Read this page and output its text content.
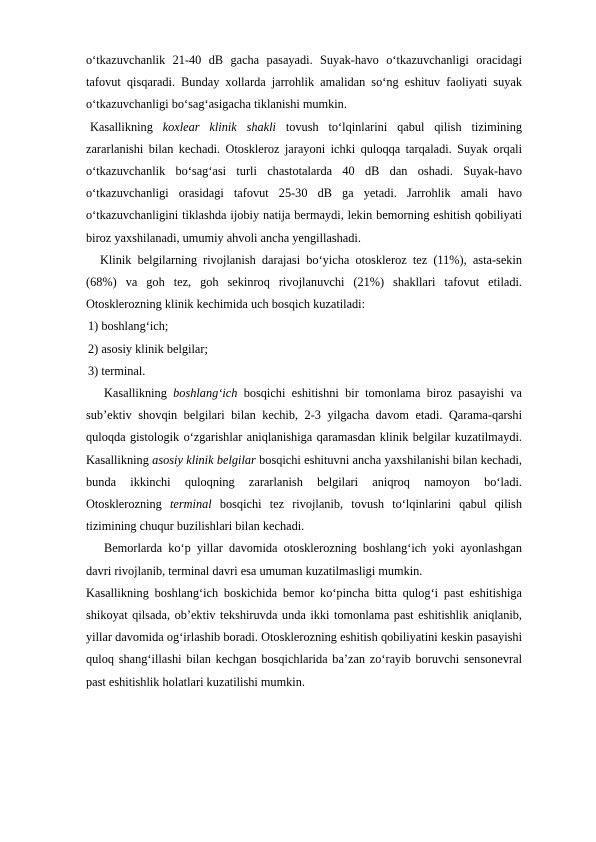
o‘tkazuvchanlik 21-40 dB gacha pasayadi. Suyak-havo o‘tkazuvchanligi oracidagi tafovut qisqaradi. Bunday xollarda jarrohlik amalidan so‘ng eshituv faoliyati suyak o‘tkazuvchanligi bo‘sag‘asigacha tiklanishi mumkin.

Kasallikning koxlear klinik shakli tovush to‘lqinlarini qabul qilish tizimining zararlanishi bilan kechadi. Otoskleroz jarayoni ichki quloqqa tarqaladi. Suyak orqali o‘tkazuvchanlik bo‘sag‘asi turli chastotalarda 40 dB dan oshadi. Suyak-havo o‘tkazuvchanligi orasidagi tafovut 25-30 dB ga yetadi. Jarrohlik amali havo o‘tkazuvchanligini tiklashda ijobiy natija bermaydi, lekin bemorning eshitish qobiliyati biroz yaxshilanadi, umumiy ahvoli ancha yengillashadi.

Klinik belgilarning rivojlanish darajasi bo‘yicha otoskleroz tez (11%), asta-sekin (68%) va goh tez, goh sekinroq rivojlanuvchi (21%) shakllari tafovut etiladi. Otosklerozning klinik kechimida uch bosqich kuzatiladi:

1) boshlang‘ich;

2) asosiy klinik belgilar;

3) terminal.

Kasallikning boshlang‘ich bosqichi eshitishni bir tomonlama biroz pasayishi va sub’ektiv shovqin belgilari bilan kechib, 2-3 yilgacha davom etadi. Qarama-qarshi quloqda gistologik o‘zgarishlar aniqlanishiga qaramasdan klinik belgilar kuzatilmaydi. Kasallikning asosiy klinik belgilar bosqichi eshituvni ancha yaxshilanishi bilan kechadi, bunda ikkinchi quloqning zararlanish belgilari aniqroq namoyon bo‘ladi. Otosklerozning terminal bosqichi tez rivojlanib, tovush to‘lqinlarini qabul qilish tizimining chuqur buzilishlari bilan kechadi.

Bemorlarda ko‘p yillar davomida otosklerozning boshlang‘ich yoki ayonlashgan davri rivojlanib, terminal davri esa umuman kuzatilmasligi mumkin.

Kasallikning boshlang‘ich boskichida bemor ko‘pincha bitta qulog‘i past eshitishiga shikoyat qilsada, ob’ektiv tekshiruvda unda ikki tomonlama past eshitishlik aniqlanib, yillar davomida og‘irlashib boradi. Otosklerozning eshitish qobiliyatini keskin pasayishi quloq shang‘illashi bilan kechgan bosqichlarida ba’zan zo‘rayib boruvchi sensonevral past eshitishlik holatlari kuzatilishi mumkin.
